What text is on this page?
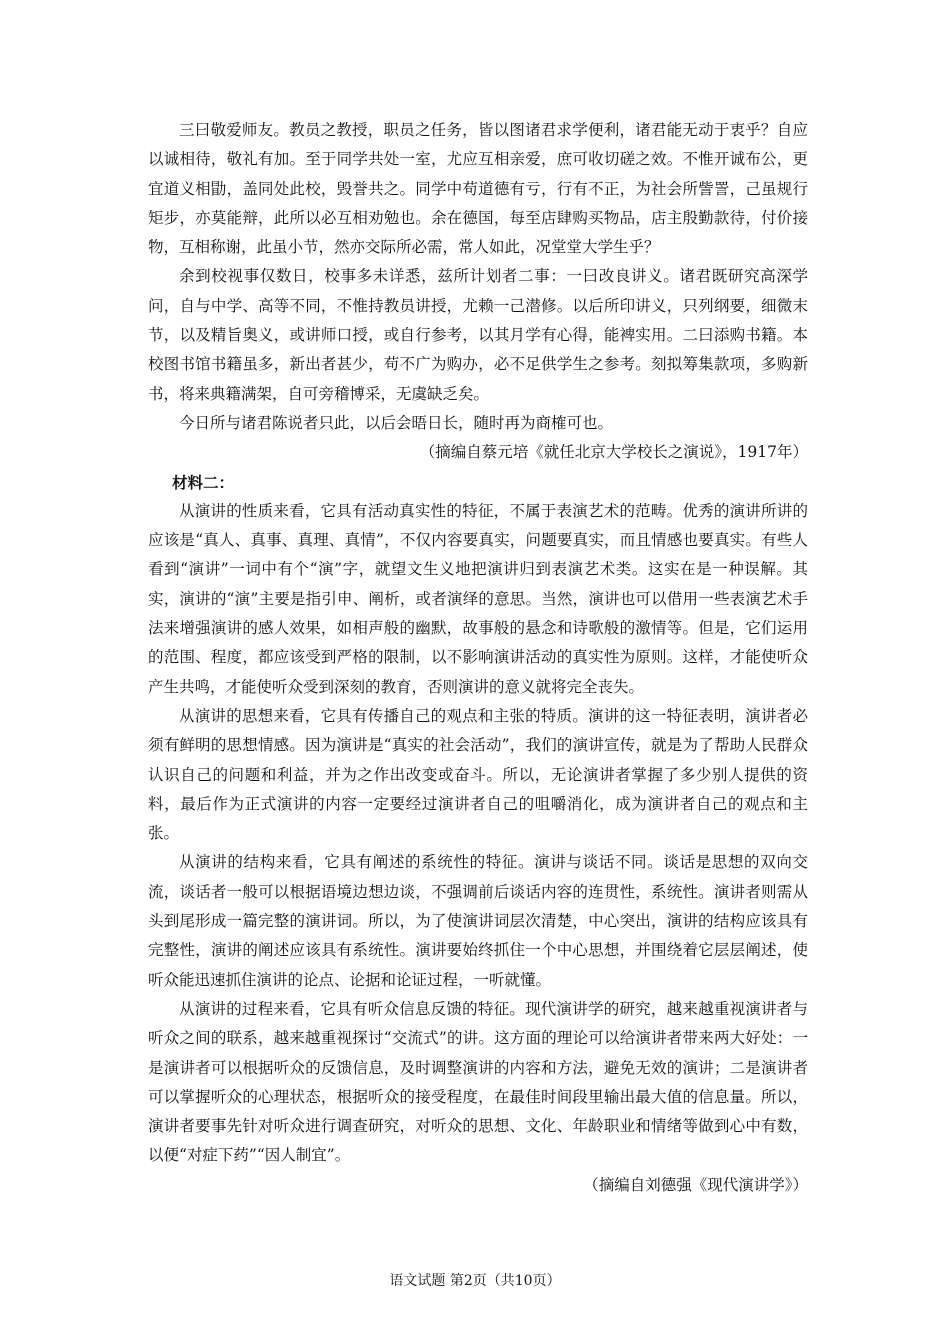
三曰敬爱师友。教员之教授，职员之任务，皆以图诸君求学便利，诸君能无动于衷乎？自应以诚相待，敬礼有加。至于同学共处一室，尤应互相亲爱，庶可收切磋之效。不惟开诚布公，更宜道义相勖，盖同处此校，毁誉共之。同学中苟道德有亏，行有不正，为社会所訾詈，己虽规行矩步，亦莫能辩，此所以必互相劝勉也。余在德国，每至店肆购买物品，店主殷勤款待，付价接物，互相称谢，此虽小节，然亦交际所必需，常人如此，况堂堂大学生乎？

余到校视事仅数日，校事多未详悉，兹所计划者二事：一曰改良讲义。诸君既研究高深学问，自与中学、高等不同，不惟持教员讲授，尤赖一己潜修。以后所印讲义，只列纲要，细微末节，以及精旨奥义，或讲师口授，或自行参考，以其月学有心得，能裨实用。二曰添购书籍。本校图书馆书籍虽多，新出者甚少，苟不广为购办，必不足供学生之参考。刻拟筹集款项，多购新书，将来典籍满架，自可旁稽博采，无虞缺乏矣。

今日所与诸君陈说者只此，以后会晤日长，随时再为商榷可也。

（摘编自蔡元培《就任北京大学校长之演说》，1917年）

材料二：

从演讲的性质来看，它具有活动真实性的特征，不属于表演艺术的范畴。优秀的演讲所讲的应该是“真人、真事、真理、真情”，不仅内容要真实，问题要真实，而且情感也要真实。有些人看到“演讲”一词中有个“演”字，就望文生义地把演讲归到表演艺术类。这实在是一种误解。其实，演讲的“演”主要是指引申、阐析，或者演绎的意思。当然，演讲也可以借用一些表演艺术手法来增强演讲的感人效果，如相声般的幽默，故事般的悬念和诗歌般的激情等。但是，它们运用的范围、程度，都应该受到严格的限制，以不影响演讲活动的真实性为原则。这样，才能使听众产生共鸣，才能使听众受到深刻的教育，否则演讲的意义就将完全丧失。

从演讲的思想来看，它具有传播自己的观点和主张的特质。演讲的这一特征表明，演讲者必须有鲜明的思想情感。因为演讲是“真实的社会活动”，我们的演讲宣传，就是为了帮助人民群众认识自己的问题和利益，并为之作出改变或奋斗。所以，无论演讲者掌握了多少别人提供的资料，最后作为正式演讲的内容一定要经过演讲者自己的咀嚼消化，成为演讲者自己的观点和主张。

从演讲的结构来看，它具有阐述的系统性的特征。演讲与谈话不同。谈话是思想的双向交流，谈话者一般可以根据语境边想边谈，不强调前后谈话内容的连贯性，系统性。演讲者则需从头到尾形成一篇完整的演讲词。所以，为了使演讲词层次清楚，中心突出，演讲的结构应该具有完整性，演讲的阐述应该具有系统性。演讲要始终抓住一个中心思想，并围绕着它层层阐述，使听众能迅速抓住演讲的论点、论据和论证过程，一听就懂。

从演讲的过程来看，它具有听众信息反馈的特征。现代演讲学的研究，越来越重视演讲者与听众之间的联系，越来越重视探讨“交流式”的讲。这方面的理论可以给演讲者带来两大好处：一是演讲者可以根据听众的反馈信息，及时调整演讲的内容和方法，避免无效的演讲；二是演讲者可以掌握听众的心理状态，根据听众的接受程度，在最佳时间段里输出最大值的信息量。所以，演讲者要事先针对听众进行调查研究，对听众的思想、文化、年龄职业和情绪等做到心中有数，以便“对症下药”“因人制宜”。

（摘编自刘德强《现代演讲学》）

语文试题 第2页（共10页）
